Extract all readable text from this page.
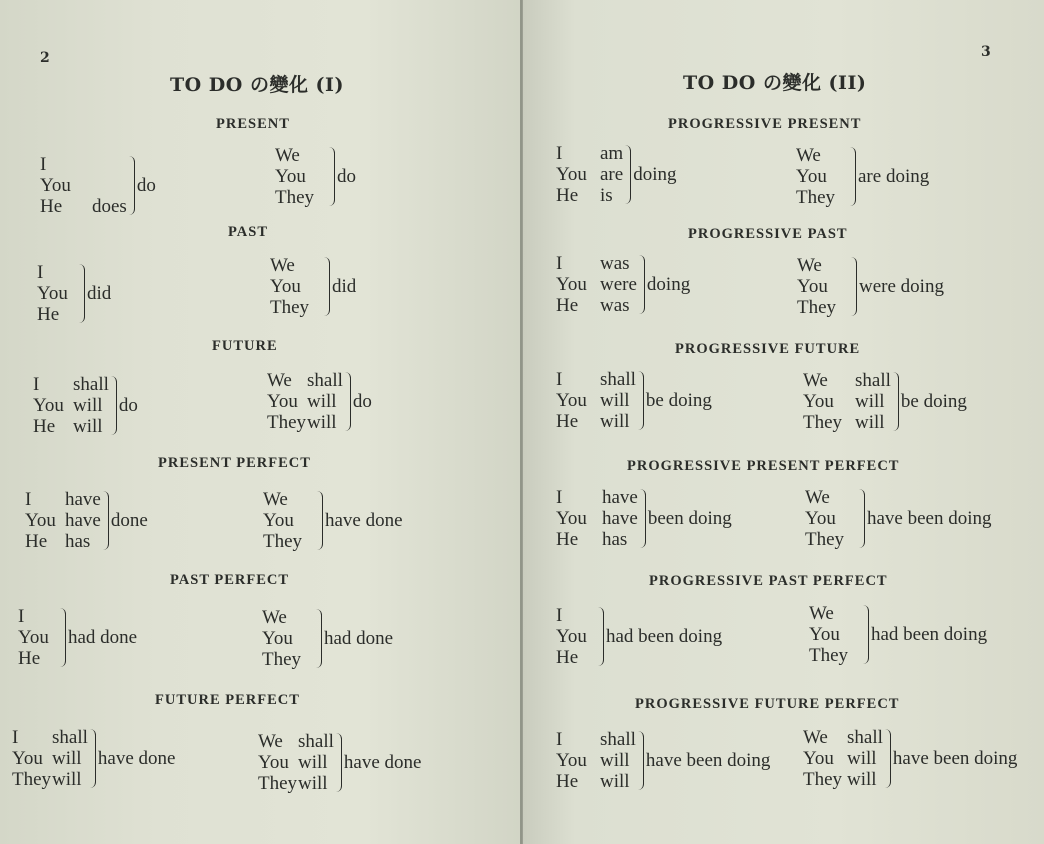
2
TO DO の變化 (I)
PRESENT
PAST
FUTURE
PRESENT PERFECT
PAST PERFECT
FUTURE PERFECT
I
You
He does
do
We
You
They
do
I
You
He
did
We
You
They
did
I shall
You will
He will
do
We shall
You will
Theywill
do
I have
You have
He has
done
We
You
They
have done
I
You
He
had done
We
You
They
had done
I shall
You will
Theywill
have done
We shall
You will
Theywill
have done
3
TO DO の變化 (II)
PROGRESSIVE PRESENT
PROGRESSIVE PAST
PROGRESSIVE FUTURE
PROGRESSIVE PRESENT PERFECT
PROGRESSIVE PAST PERFECT
PROGRESSIVE FUTURE PERFECT
I am
You are
He is
doing
We
You
They
are doing
I was
You were
He was
doing
We
You
They
were doing
I shall
You will
He will
be doing
We shall
You will
They will
be doing
I have
You have
He has
been doing
We
You
They
have been doing
I
You
He
had been doing
We
You
They
had been doing
I shall
You will
He will
have been doing
We shall
You will
They will
have been doing
